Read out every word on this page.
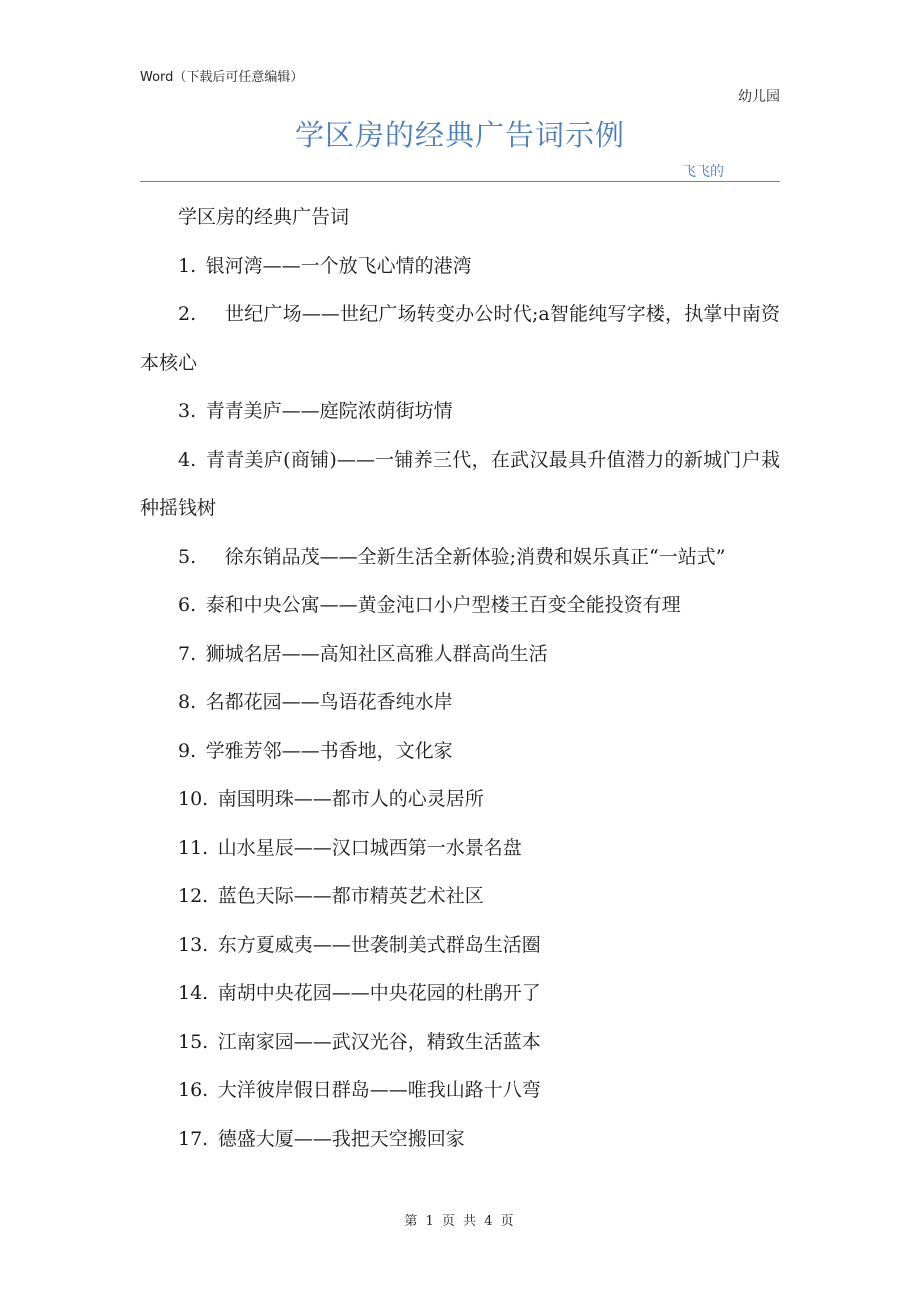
Word（下载后可任意编辑）
幼儿园
学区房的经典广告词示例
飞飞的

学区房的经典广告词

1. 银河湾——一个放飞心情的港湾

2.　世纪广场——世纪广场转变办公时代;a智能纯写字楼，执掌中南资本核心

3. 青青美庐——庭院浓荫街坊情

4. 青青美庐(商铺)——一铺养三代，在武汉最具升值潜力的新城门户栽种摇钱树

5.　徐东销品茂——全新生活全新体验;消费和娱乐真正“一站式”

6. 泰和中央公寓——黄金沌口小户型楼王百变全能投资有理

7. 狮城名居——高知社区高雅人群高尚生活

8. 名都花园——鸟语花香纯水岸

9. 学雅芳邻——书香地，文化家

10. 南国明珠——都市人的心灵居所

11. 山水星辰——汉口城西第一水景名盘

12. 蓝色天际——都市精英艺术社区

13. 东方夏威夷——世袭制美式群岛生活圈

14. 南胡中央花园——中央花园的杜鹃开了

15. 江南家园——武汉光谷，精致生活蓝本

16. 大洋彼岸假日群岛——唯我山路十八弯

17. 德盛大厦——我把天空搬回家

第 1 页 共 4 页
